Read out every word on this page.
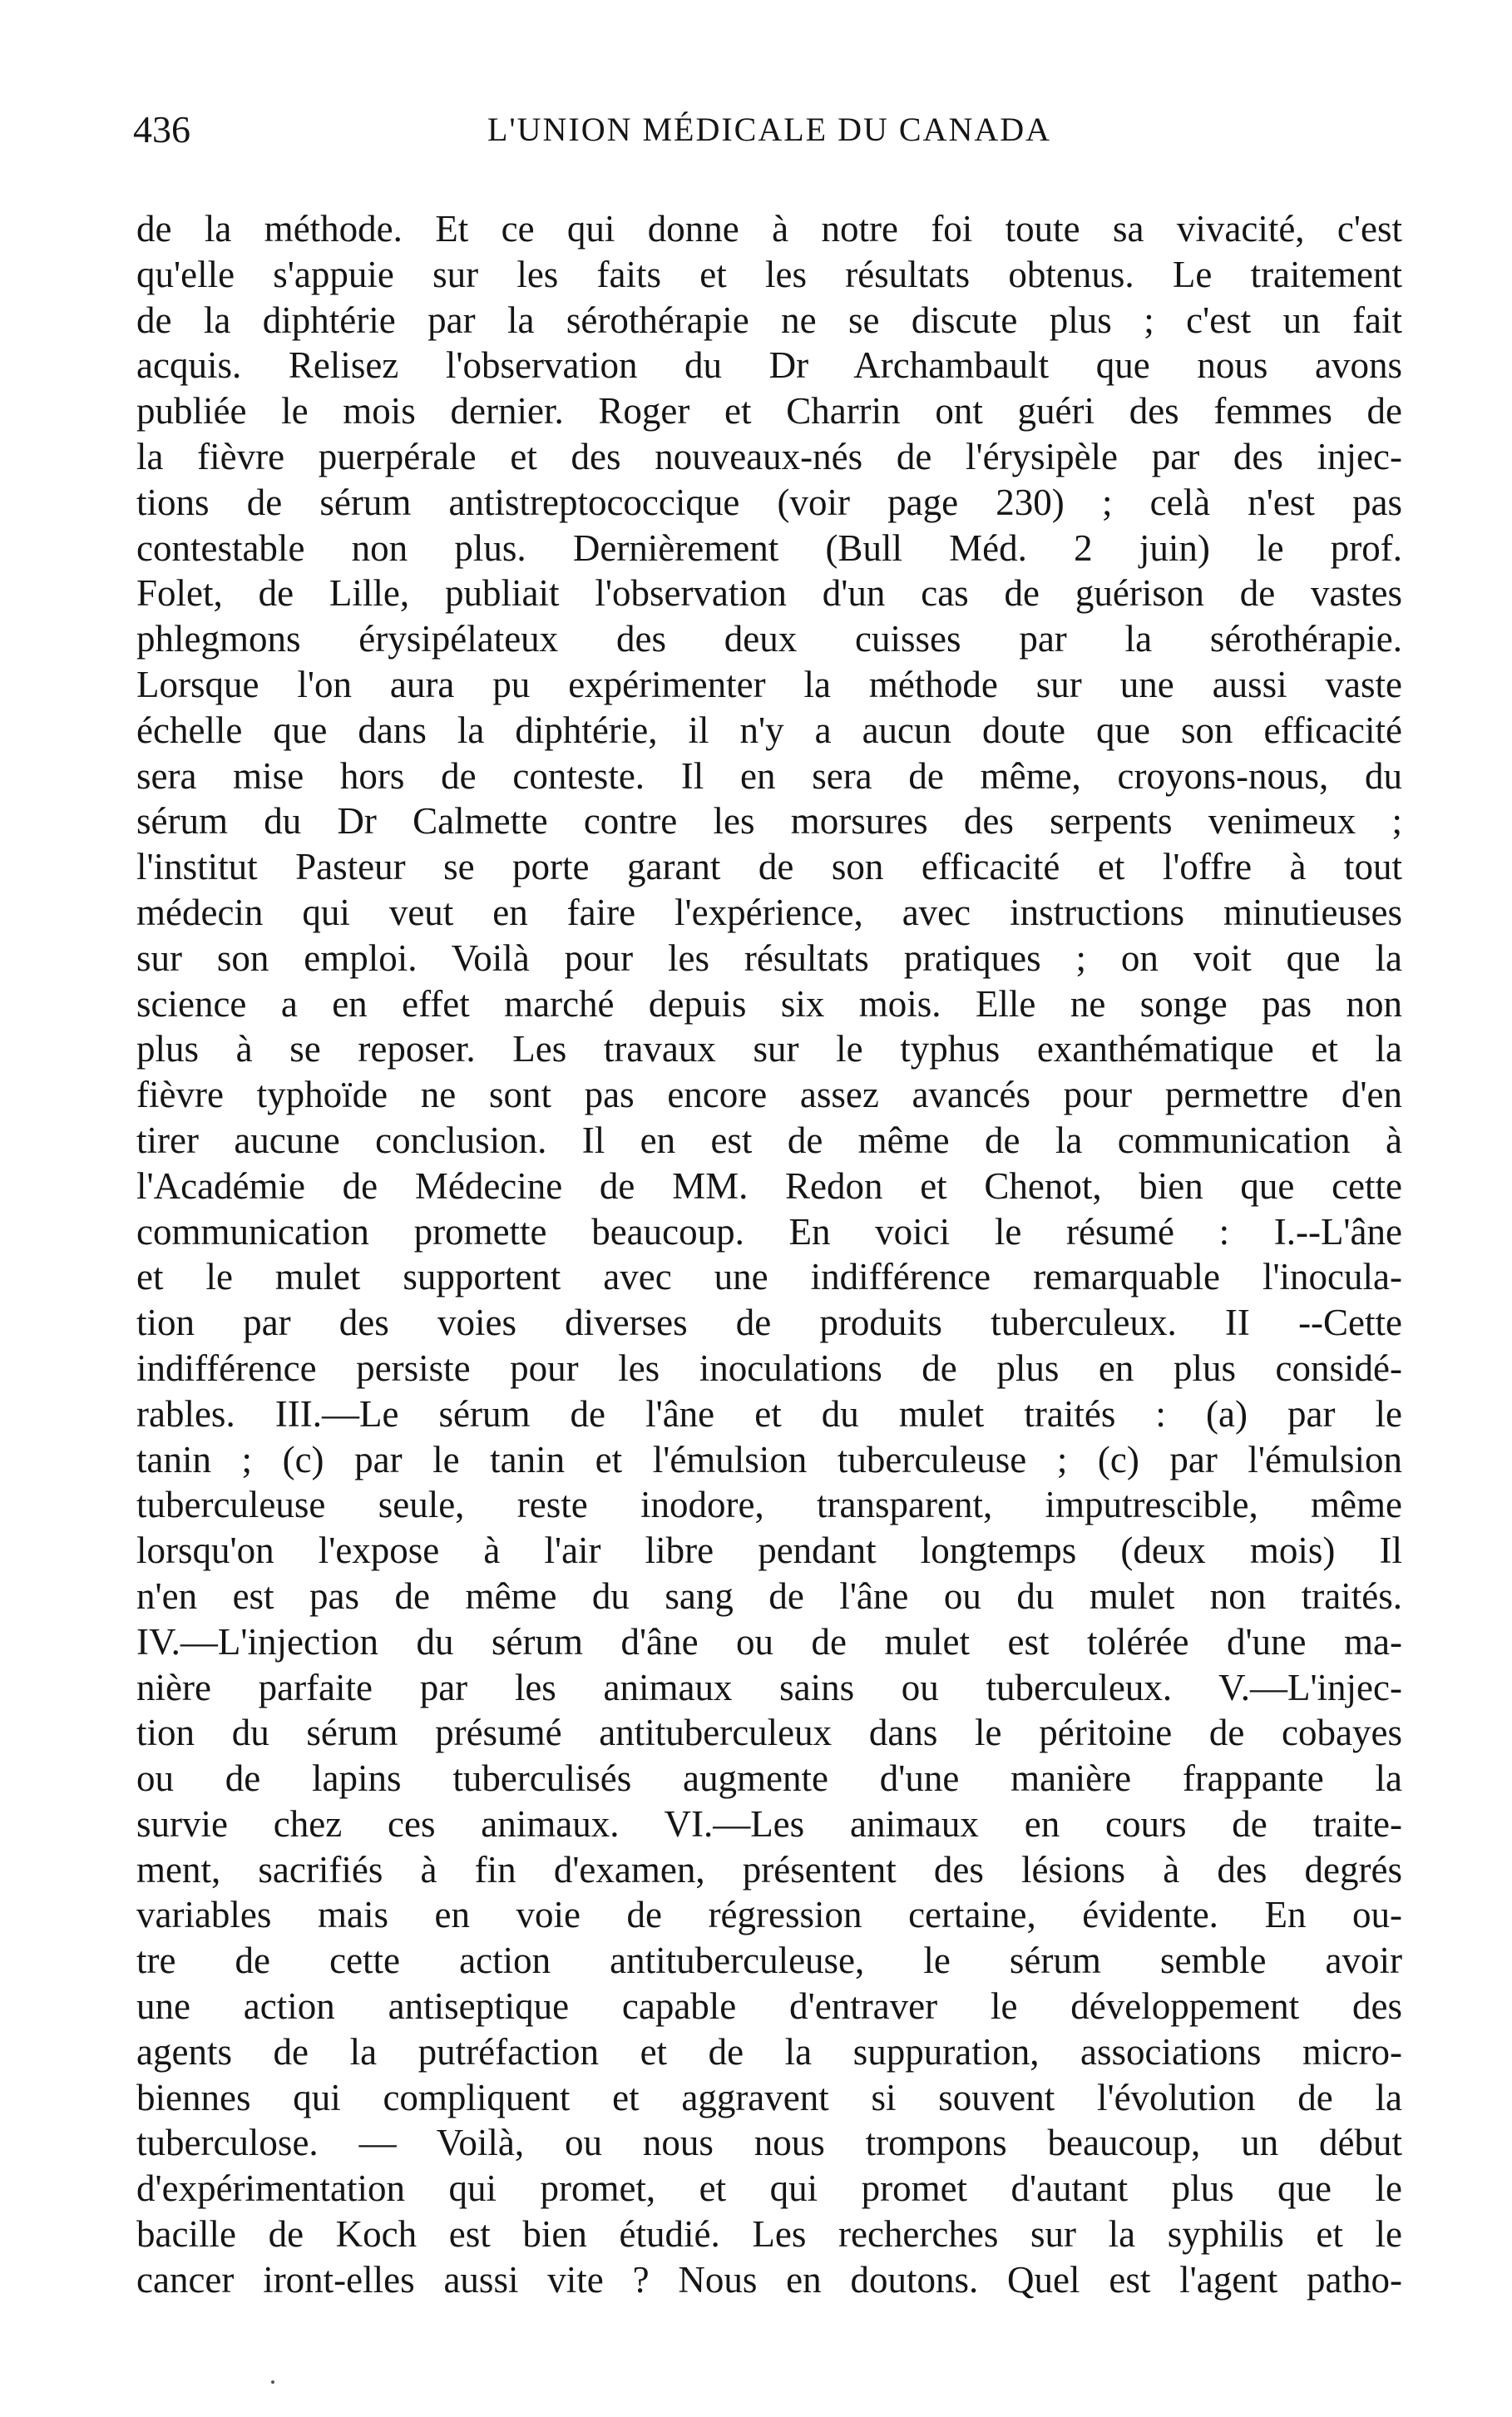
436	L'UNION MÉDICALE DU CANADA
de la méthode. Et ce qui donne à notre foi toute sa vivacité, c'est
qu'elle s'appuie sur les faits et les résultats obtenus. Le traitement
de la diphtérie par la sérothérapie ne se discute plus ; c'est un fait
acquis. Relisez l'observation du Dr Archambault que nous avons
publiée le mois dernier. Roger et Charrin ont guéri des femmes de
la fièvre puerpérale et des nouveaux-nés de l'érysipèle par des injec-
tions de sérum antistreptococcique (voir page 230) ; celà n'est pas
contestable non plus. Dernièrement (Bull Méd. 2 juin) le prof.
Folet, de Lille, publiait l'observation d'un cas de guérison de vastes
phlegmons érysipélateux des deux cuisses par la sérothérapie.
Lorsque l'on aura pu expérimenter la méthode sur une aussi vaste
échelle que dans la diphtérie, il n'y a aucun doute que son efficacité
sera mise hors de conteste. Il en sera de même, croyons-nous, du
sérum du Dr Calmette contre les morsures des serpents venimeux ;
l'institut Pasteur se porte garant de son efficacité et l'offre à tout
médecin qui veut en faire l'expérience, avec instructions minutieuses
sur son emploi. Voilà pour les résultats pratiques ; on voit que la
science a en effet marché depuis six mois. Elle ne songe pas non
plus à se reposer. Les travaux sur le typhus exanthématique et la
fièvre typhoïde ne sont pas encore assez avancés pour permettre d'en
tirer aucune conclusion. Il en est de même de la communication à
l'Académie de Médecine de MM. Redon et Chenot, bien que cette
communication promette beaucoup. En voici le résumé : I.--L'âne
et le mulet supportent avec une indifférence remarquable l'inocula-
tion par des voies diverses de produits tuberculeux. II --Cette
indifférence persiste pour les inoculations de plus en plus considé-
rables. III.—Le sérum de l'âne et du mulet traités : (a) par le
tanin ; (c) par le tanin et l'émulsion tuberculeuse ; (c) par l'émulsion
tuberculeuse seule, reste inodore, transparent, imputrescible, même
lorsqu'on l'expose à l'air libre pendant longtemps (deux mois) Il
n'en est pas de même du sang de l'âne ou du mulet non traités.
IV.—L'injection du sérum d'âne ou de mulet est tolérée d'une ma-
nière parfaite par les animaux sains ou tuberculeux. V.—L'injec-
tion du sérum présumé antituberculeux dans le péritoine de cobayes
ou de lapins tuberculisés augmente d'une manière frappante la
survie chez ces animaux. VI.—Les animaux en cours de traite-
ment, sacrifiés à fin d'examen, présentent des lésions à des degrés
variables mais en voie de régression certaine, évidente. En ou-
tre de cette action antituberculeuse, le sérum semble avoir
une action antiseptique capable d'entraver le développement des
agents de la putréfaction et de la suppuration, associations micro-
biennes qui compliquent et aggravent si souvent l'évolution de la
tuberculose. — Voilà, ou nous nous trompons beaucoup, un début
d'expérimentation qui promet, et qui promet d'autant plus que le
bacille de Koch est bien étudié. Les recherches sur la syphilis et le
cancer iront-elles aussi vite ? Nous en doutons. Quel est l'agent patho-
